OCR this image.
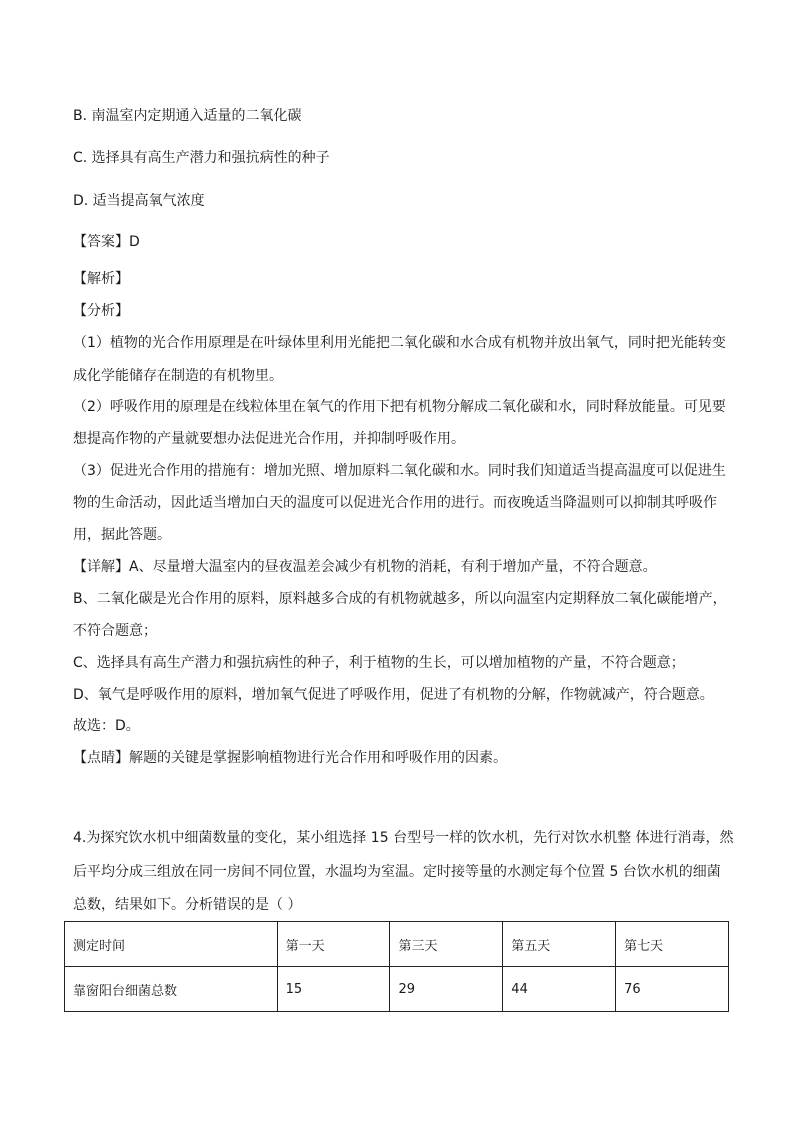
B. 南温室内定期通入适量的二氧化碳
C. 选择具有高生产潜力和强抗病性的种子
D. 适当提高氧气浓度
【答案】D
【解析】
【分析】
（1）植物的光合作用原理是在叶绿体里利用光能把二氧化碳和水合成有机物并放出氧气，同时把光能转变
成化学能储存在制造的有机物里。
（2）呼吸作用的原理是在线粒体里在氧气的作用下把有机物分解成二氧化碳和水，同时释放能量。可见要
想提高作物的产量就要想办法促进光合作用，并抑制呼吸作用。
（3）促进光合作用的措施有：增加光照、增加原料二氧化碳和水。同时我们知道适当提高温度可以促进生
物的生命活动，因此适当增加白天的温度可以促进光合作用的进行。而夜晚适当降温则可以抑制其呼吸作
用，据此答题。
【详解】A、尽量增大温室内的昼夜温差会减少有机物的消耗，有利于增加产量，不符合题意。
B、二氧化碳是光合作用的原料，原料越多合成的有机物就越多，所以向温室内定期释放二氧化碳能增产，
不符合题意；
C、选择具有高生产潜力和强抗病性的种子，利于植物的生长，可以增加植物的产量，不符合题意；
D、氧气是呼吸作用的原料，增加氧气促进了呼吸作用，促进了有机物的分解，作物就减产，符合题意。
故选：D。
【点睛】解题的关键是掌握影响植物进行光合作用和呼吸作用的因素。
4.为探究饮水机中细菌数量的变化，某小组选择 15 台型号一样的饮水机，先行对饮水机整 体进行消毒，然
后平均分成三组放在同一房间不同位置，水温均为室温。定时接等量的水测定每个位置 5 台饮水机的细菌
总数，结果如下。分析错误的是（ ）
测定时间	第一天	第三天	第五天	第七天
靠窗阳台细菌总数	15	29	44	76
